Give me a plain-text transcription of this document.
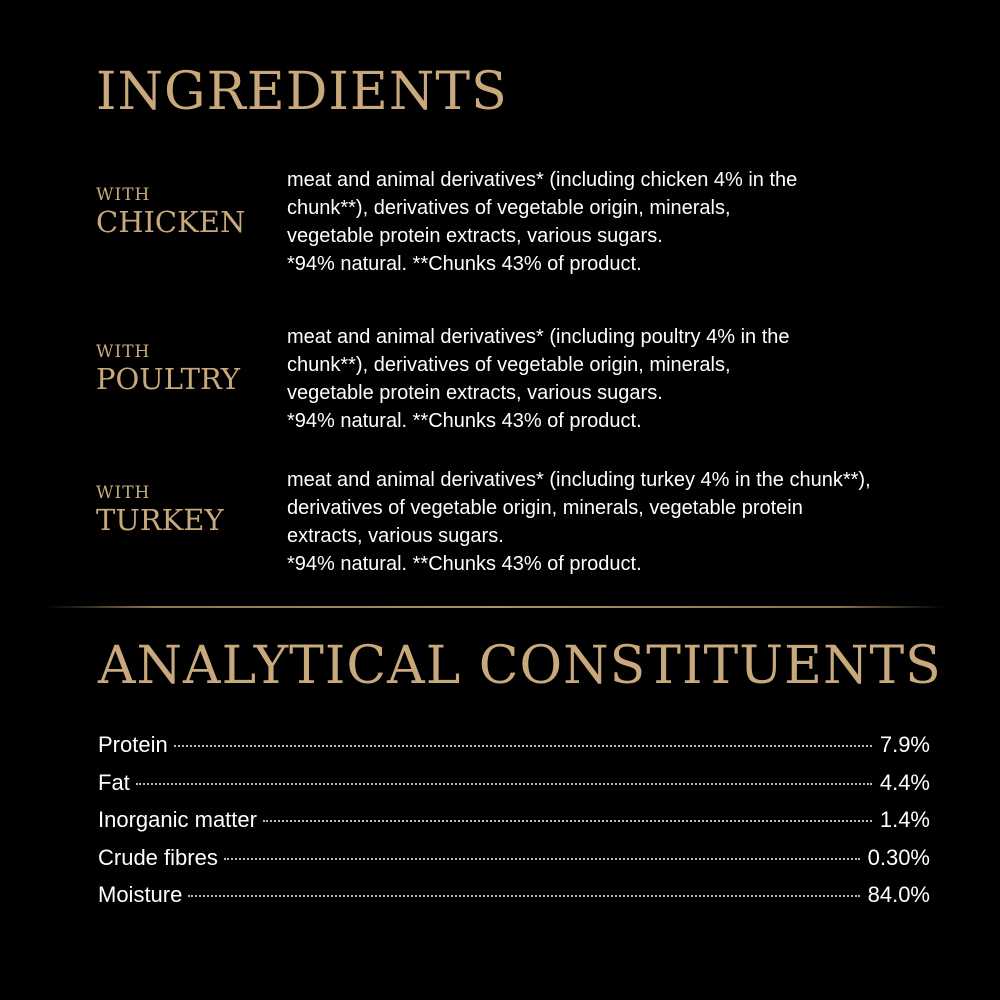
INGREDIENTS
WITH
CHICKEN
meat and animal derivatives* (including chicken 4% in the
chunk**), derivatives of vegetable origin, minerals,
vegetable protein extracts, various sugars.
*94% natural. **Chunks 43% of product.
WITH
POULTRY
meat and animal derivatives* (including poultry 4% in the
chunk**), derivatives of vegetable origin, minerals,
vegetable protein extracts, various sugars.
*94% natural. **Chunks 43% of product.
WITH
TURKEY
meat and animal derivatives* (including turkey 4% in the chunk**),
derivatives of vegetable origin, minerals, vegetable protein
extracts, various sugars.
*94% natural. **Chunks 43% of product.
ANALYTICAL CONSTITUENTS
Protein	7.9%
Fat	4.4%
Inorganic matter	1.4%
Crude fibres	0.30%
Moisture	84.0%
